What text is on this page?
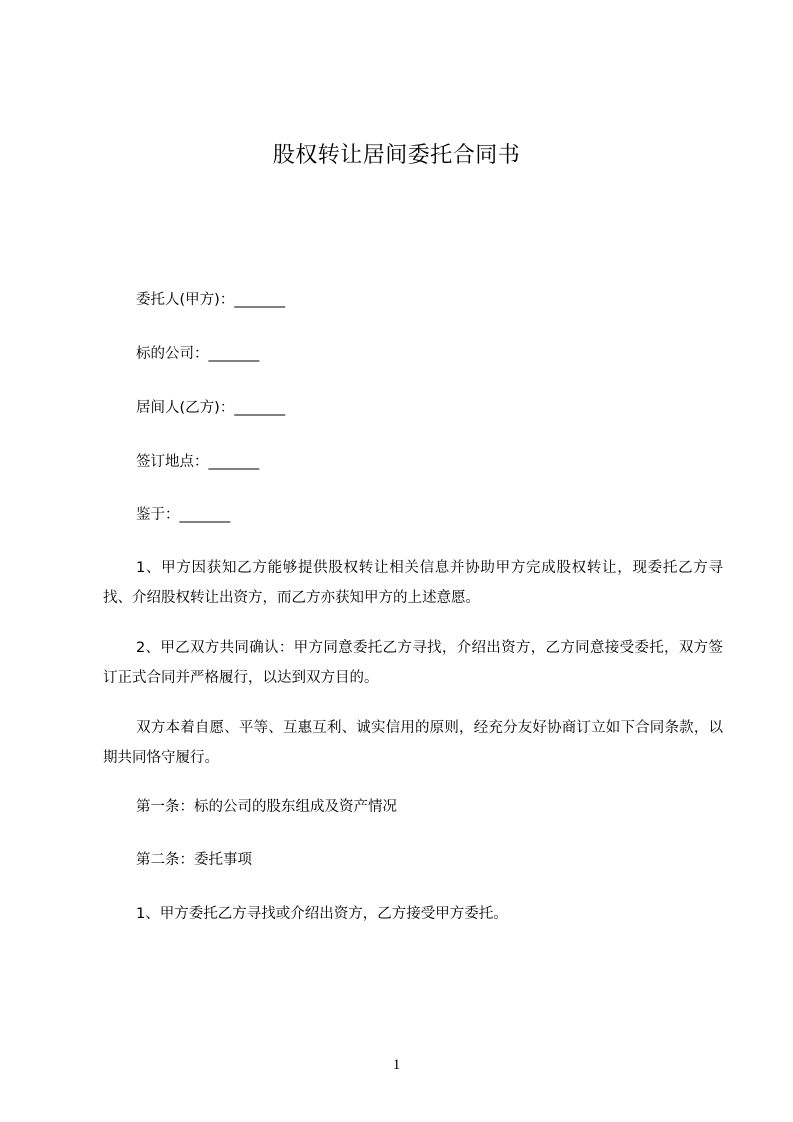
股权转让居间委托合同书
委托人(甲方)：_______
标的公司：_______
居间人(乙方)：_______
签订地点：_______
鉴于：_______
1、甲方因获知乙方能够提供股权转让相关信息并协助甲方完成股权转让，现委托乙方寻找、介绍股权转让出资方，而乙方亦获知甲方的上述意愿。
2、甲乙双方共同确认：甲方同意委托乙方寻找，介绍出资方，乙方同意接受委托，双方签订正式合同并严格履行，以达到双方目的。
双方本着自愿、平等、互惠互利、诚实信用的原则，经充分友好协商订立如下合同条款，以期共同恪守履行。
第一条：标的公司的股东组成及资产情况
第二条：委托事项
1、甲方委托乙方寻找或介绍出资方，乙方接受甲方委托。
1
